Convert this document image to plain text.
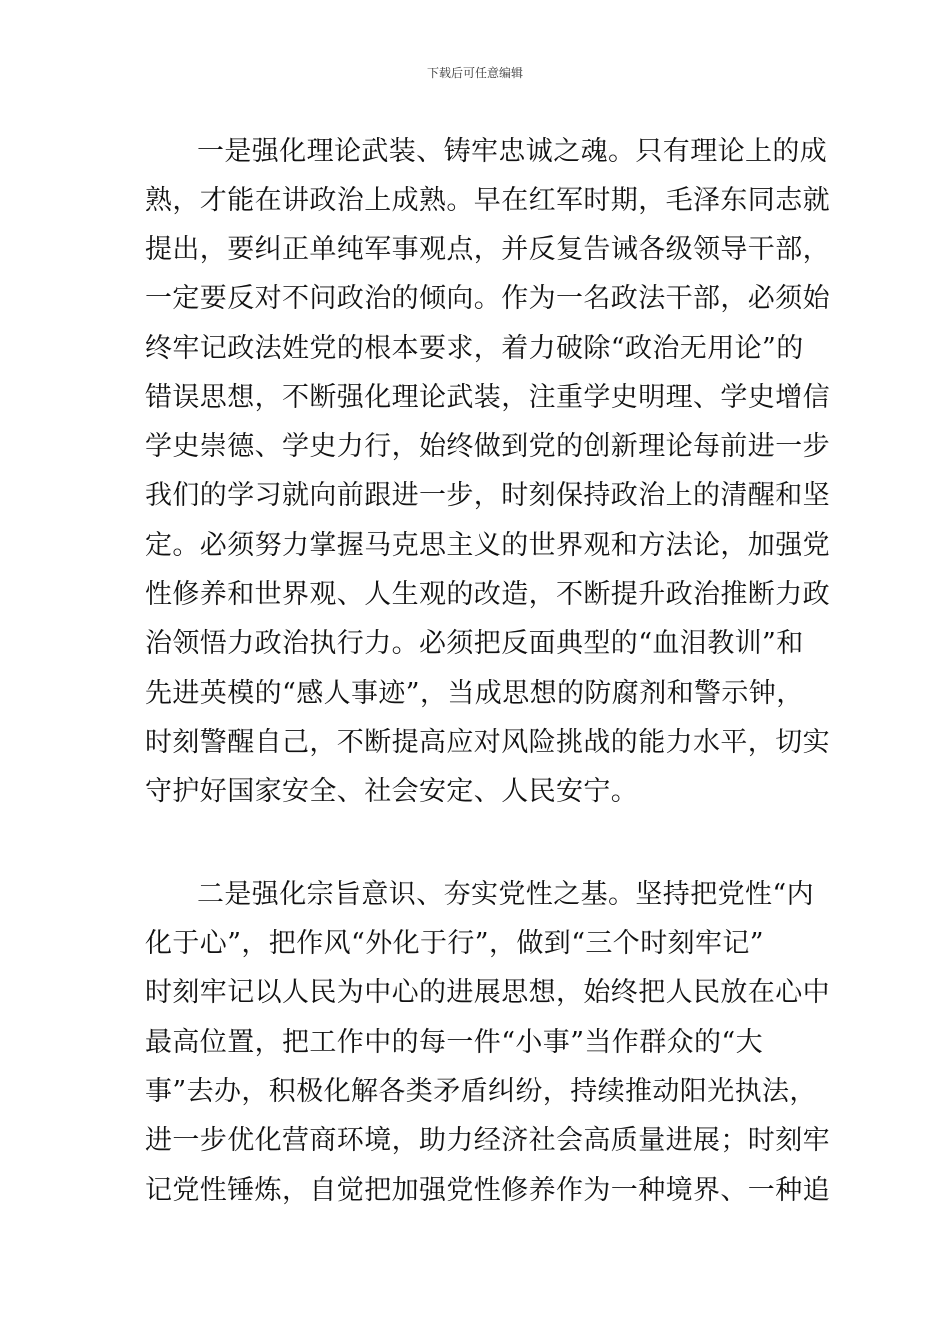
下载后可任意编辑
一是强化理论武装、铸牢忠诚之魂。只有理论上的成
熟，才能在讲政治上成熟。早在红军时期，毛泽东同志就
提出，要纠正单纯军事观点，并反复告诫各级领导干部，
一定要反对不问政治的倾向。作为一名政法干部，必须始
终牢记政法姓党的根本要求，着力破除“政治无用论”的
错误思想，不断强化理论武装，注重学史明理、学史增信
学史崇德、学史力行，始终做到党的创新理论每前进一步
我们的学习就向前跟进一步，时刻保持政治上的清醒和坚
定。必须努力掌握马克思主义的世界观和方法论，加强党
性修养和世界观、人生观的改造，不断提升政治推断力政
治领悟力政治执行力。必须把反面典型的“血泪教训”和
先进英模的“感人事迹”，当成思想的防腐剂和警示钟，
时刻警醒自己，不断提高应对风险挑战的能力水平，切实
守护好国家安全、社会安定、人民安宁。
二是强化宗旨意识、夯实党性之基。坚持把党性“内
化于心”，把作风“外化于行”，做到“三个时刻牢记”
时刻牢记以人民为中心的进展思想，始终把人民放在心中
最高位置，把工作中的每一件“小事”当作群众的“大
事”去办，积极化解各类矛盾纠纷，持续推动阳光执法，
进一步优化营商环境，助力经济社会高质量进展；时刻牢
记党性锤炼，自觉把加强党性修养作为一种境界、一种追
